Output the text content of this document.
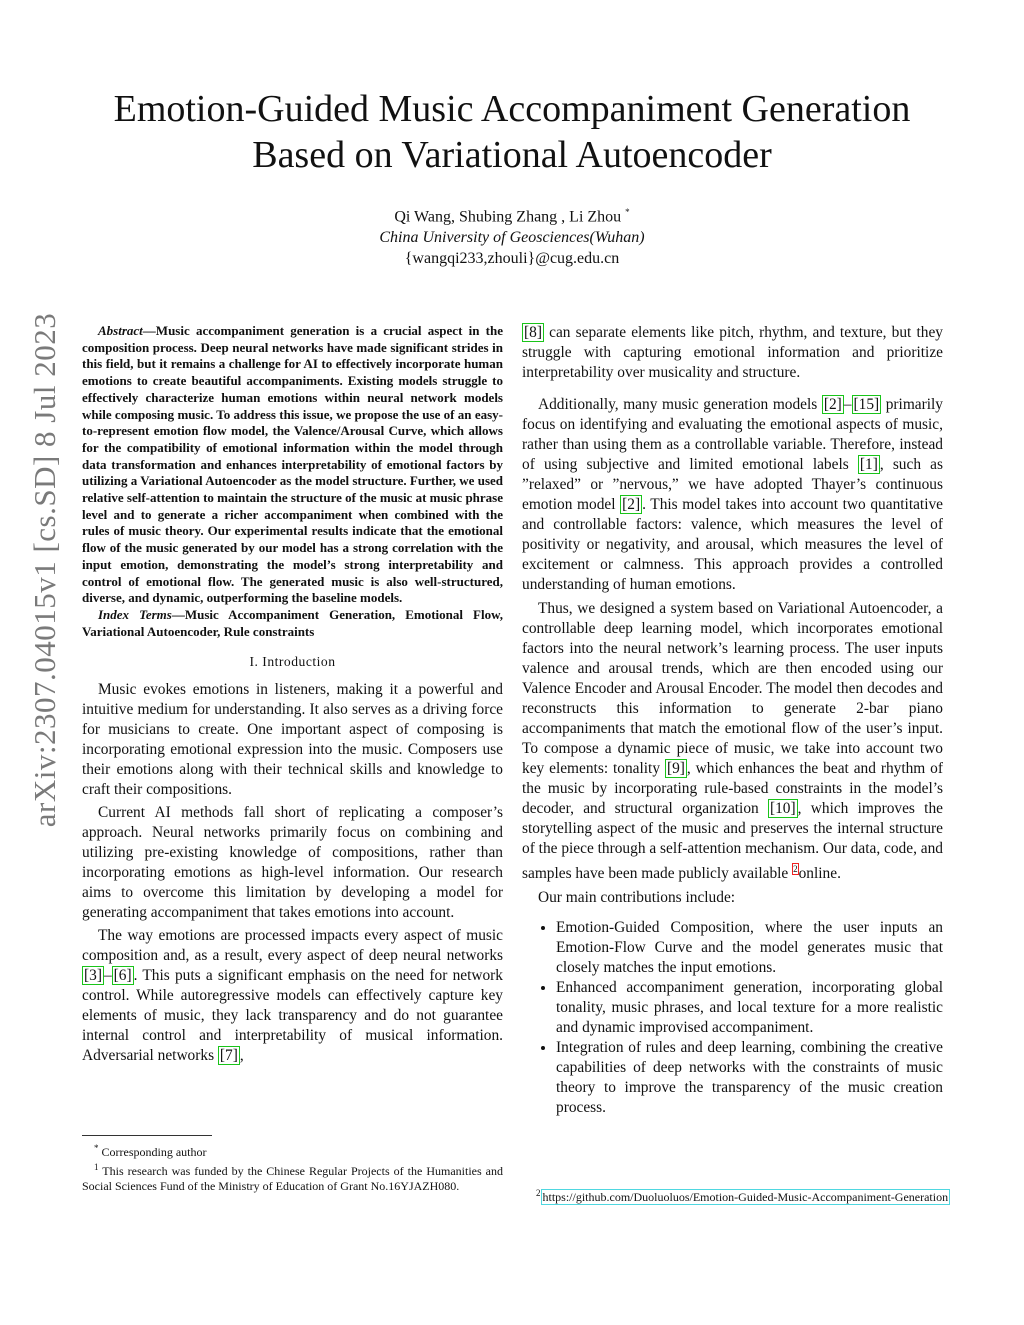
arXiv:2307.04015v1 [cs.SD] 8 Jul 2023
Emotion-Guided Music Accompaniment Generation
Based on Variational Autoencoder
Qi Wang, Shubing Zhang , Li Zhou *
China University of Geosciences(Wuhan)
{wangqi233,zhouli}@cug.edu.cn

Abstract—Music accompaniment generation is a crucial aspect in the composition process. Deep neural networks have made significant strides in this field, but it remains a challenge for AI to effectively incorporate human emotions to create beautiful accompaniments. Existing models struggle to effectively characterize human emotions within neural network models while composing music. To address this issue, we propose the use of an easy-to-represent emotion flow model, the Valence/Arousal Curve, which allows for the compatibility of emotional information within the model through data transformation and enhances interpretability of emotional factors by utilizing a Variational Autoencoder as the model structure. Further, we used relative self-attention to maintain the structure of the music at music phrase level and to generate a richer accompaniment when combined with the rules of music theory. Our experimental results indicate that the emotional flow of the music generated by our model has a strong correlation with the input emotion, demonstrating the model’s strong interpretability and control of emotional flow. The generated music is also well-structured, diverse, and dynamic, outperforming the baseline models.

Index Terms—Music Accompaniment Generation, Emotional Flow, Variational Autoencoder, Rule constraints

I. Introduction

Music evokes emotions in listeners, making it a powerful and intuitive medium for understanding. It also serves as a driving force for musicians to create. One important aspect of composing is incorporating emotional expression into the music. Composers use their emotions along with their technical skills and knowledge to craft their compositions.

Current AI methods fall short of replicating a composer’s approach. Neural networks primarily focus on combining and utilizing pre-existing knowledge of compositions, rather than incorporating emotions as high-level information. Our research aims to overcome this limitation by developing a model for generating accompaniment that takes emotions into account.

The way emotions are processed impacts every aspect of music composition and, as a result, every aspect of deep neural networks [3] – [6] . This puts a significant emphasis on the need for network control. While autoregressive models can effectively capture key elements of music, they lack transparency and do not guarantee internal control and interpretability of musical information. Adversarial networks [7] ,

[8] can separate elements like pitch, rhythm, and texture, but they struggle with capturing emotional information and prioritize interpretability over musicality and structure.

Additionally, many music generation models [2] – [15] primarily focus on identifying and evaluating the emotional aspects of music, rather than using them as a controllable variable. Therefore, instead of using subjective and limited emotional labels [1] , such as ”relaxed” or ”nervous,” we have adopted Thayer’s continuous emotion model [2] . This model takes into account two quantitative and controllable factors: valence, which measures the level of positivity or negativity, and arousal, which measures the level of excitement or calmness. This approach provides a controlled understanding of human emotions.

Thus, we designed a system based on Variational Autoencoder, a controllable deep learning model, which incorporates emotional factors into the neural network’s learning process. The user inputs valence and arousal trends, which are then encoded using our Valence Encoder and Arousal Encoder. The model then decodes and reconstructs this information to generate 2-bar piano accompaniments that match the emotional flow of the user’s input. To compose a dynamic piece of music, we take into account two key elements: tonality [9] , which enhances the beat and rhythm of the music by incorporating rule-based constraints in the model’s decoder, and structural organization [10] , which improves the storytelling aspect of the music and preserves the internal structure of the piece through a self-attention mechanism. Our data, code, and samples have been made publicly available $^2$online.

Our main contributions include:

• Emotion-Guided Composition, where the user inputs an Emotion-Flow Curve and the model generates music that closely matches the input emotions.
• Enhanced accompaniment generation, incorporating global tonality, music phrases, and local texture for a more realistic and dynamic improvised accompaniment.
• Integration of rules and deep learning, combining the creative capabilities of deep networks with the constraints of music theory to improve the transparency of the music creation process.

* Corresponding author

$^1$ This research was funded by the Chinese Regular Projects of the Humanities and Social Sciences Fund of the Ministry of Education of Grant No.16YJAZH080.	$^2$ https://github.com/Duoluoluos/Emotion-Guided-Music-Accompaniment-Generation
